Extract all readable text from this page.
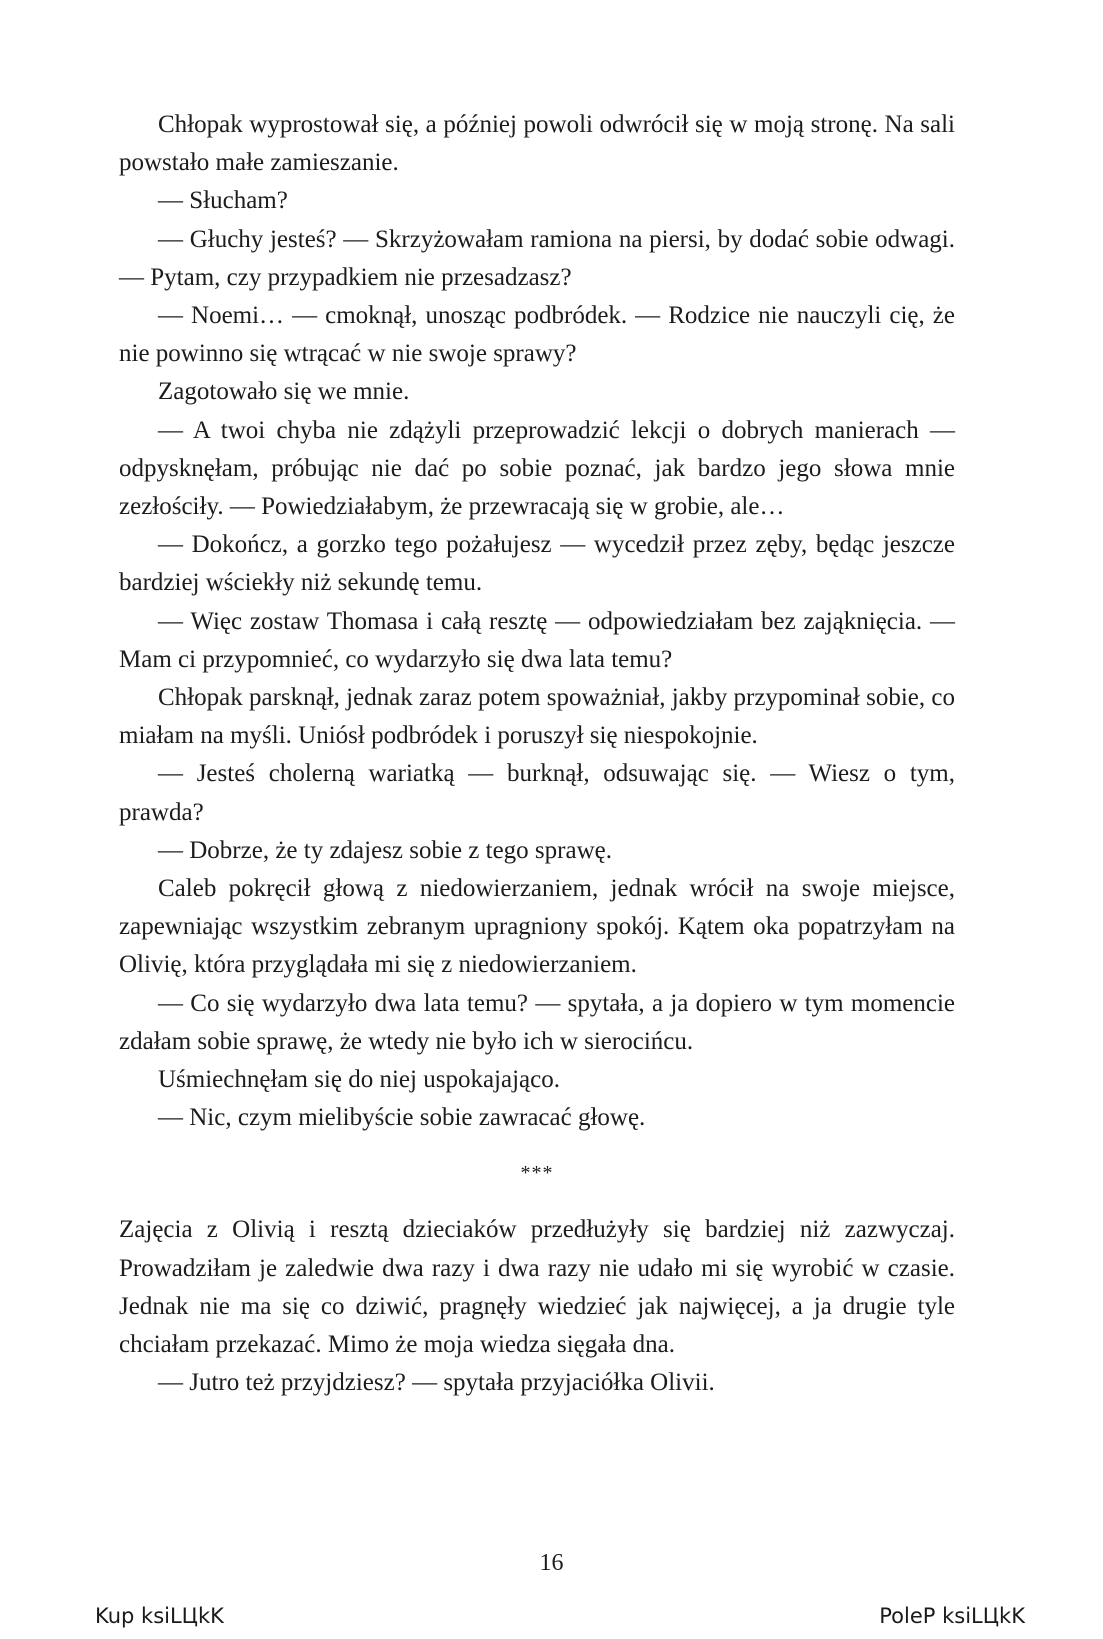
Chłopak wyprostował się, a później powoli odwrócił się w moją stronę. Na sali powstało małe zamieszanie.

— Słucham?

— Głuchy jesteś? — Skrzyżowałam ramiona na piersi, by dodać sobie odwagi. — Pytam, czy przypadkiem nie przesadzasz?

— Noemi… — cmoknął, unosząc podbródek. — Rodzice nie nauczyli cię, że nie powinno się wtrącać w nie swoje sprawy?

Zagotowało się we mnie.

— A twoi chyba nie zdążyli przeprowadzić lekcji o dobrych manierach — odpysknęłam, próbując nie dać po sobie poznać, jak bardzo jego słowa mnie zezłościły. — Powiedziałabym, że przewracają się w grobie, ale…

— Dokończ, a gorzko tego pożałujesz — wycedził przez zęby, będąc jeszcze bardziej wściekły niż sekundę temu.

— Więc zostaw Thomasa i całą resztę — odpowiedziałam bez zająknięcia. — Mam ci przypomnieć, co wydarzyło się dwa lata temu?

Chłopak parsknął, jednak zaraz potem spoważniał, jakby przypominał sobie, co miałam na myśli. Uniósł podbródek i poruszył się niespokojnie.

— Jesteś cholerną wariatką — burknął, odsuwając się. — Wiesz o tym, prawda?

— Dobrze, że ty zdajesz sobie z tego sprawę.

Caleb pokręcił głową z niedowierzaniem, jednak wrócił na swoje miejsce, zapewniając wszystkim zebranym upragniony spokój. Kątem oka popatrzyłam na Olivię, która przyglądała mi się z niedowierzaniem.

— Co się wydarzyło dwa lata temu? — spytała, a ja dopiero w tym momencie zdałam sobie sprawę, że wtedy nie było ich w sierocińcu.

Uśmiechnęłam się do niej uspokajająco.

— Nic, czym mielibyście sobie zawracać głowę.

***

Zajęcia z Olivią i resztą dzieciaków przedłużyły się bardziej niż zazwyczaj. Prowadziłam je zaledwie dwa razy i dwa razy nie udało mi się wyrobić w czasie. Jednak nie ma się co dziwić, pragnęły wiedzieć jak najwięcej, a ja drugie tyle chciałam przekazać. Mimo że moja wiedza sięgała dna.

— Jutro też przyjdziesz? — spytała przyjaciółka Olivii.

16
Kup ksiLЦkK	PoleP ksiLЦkK
